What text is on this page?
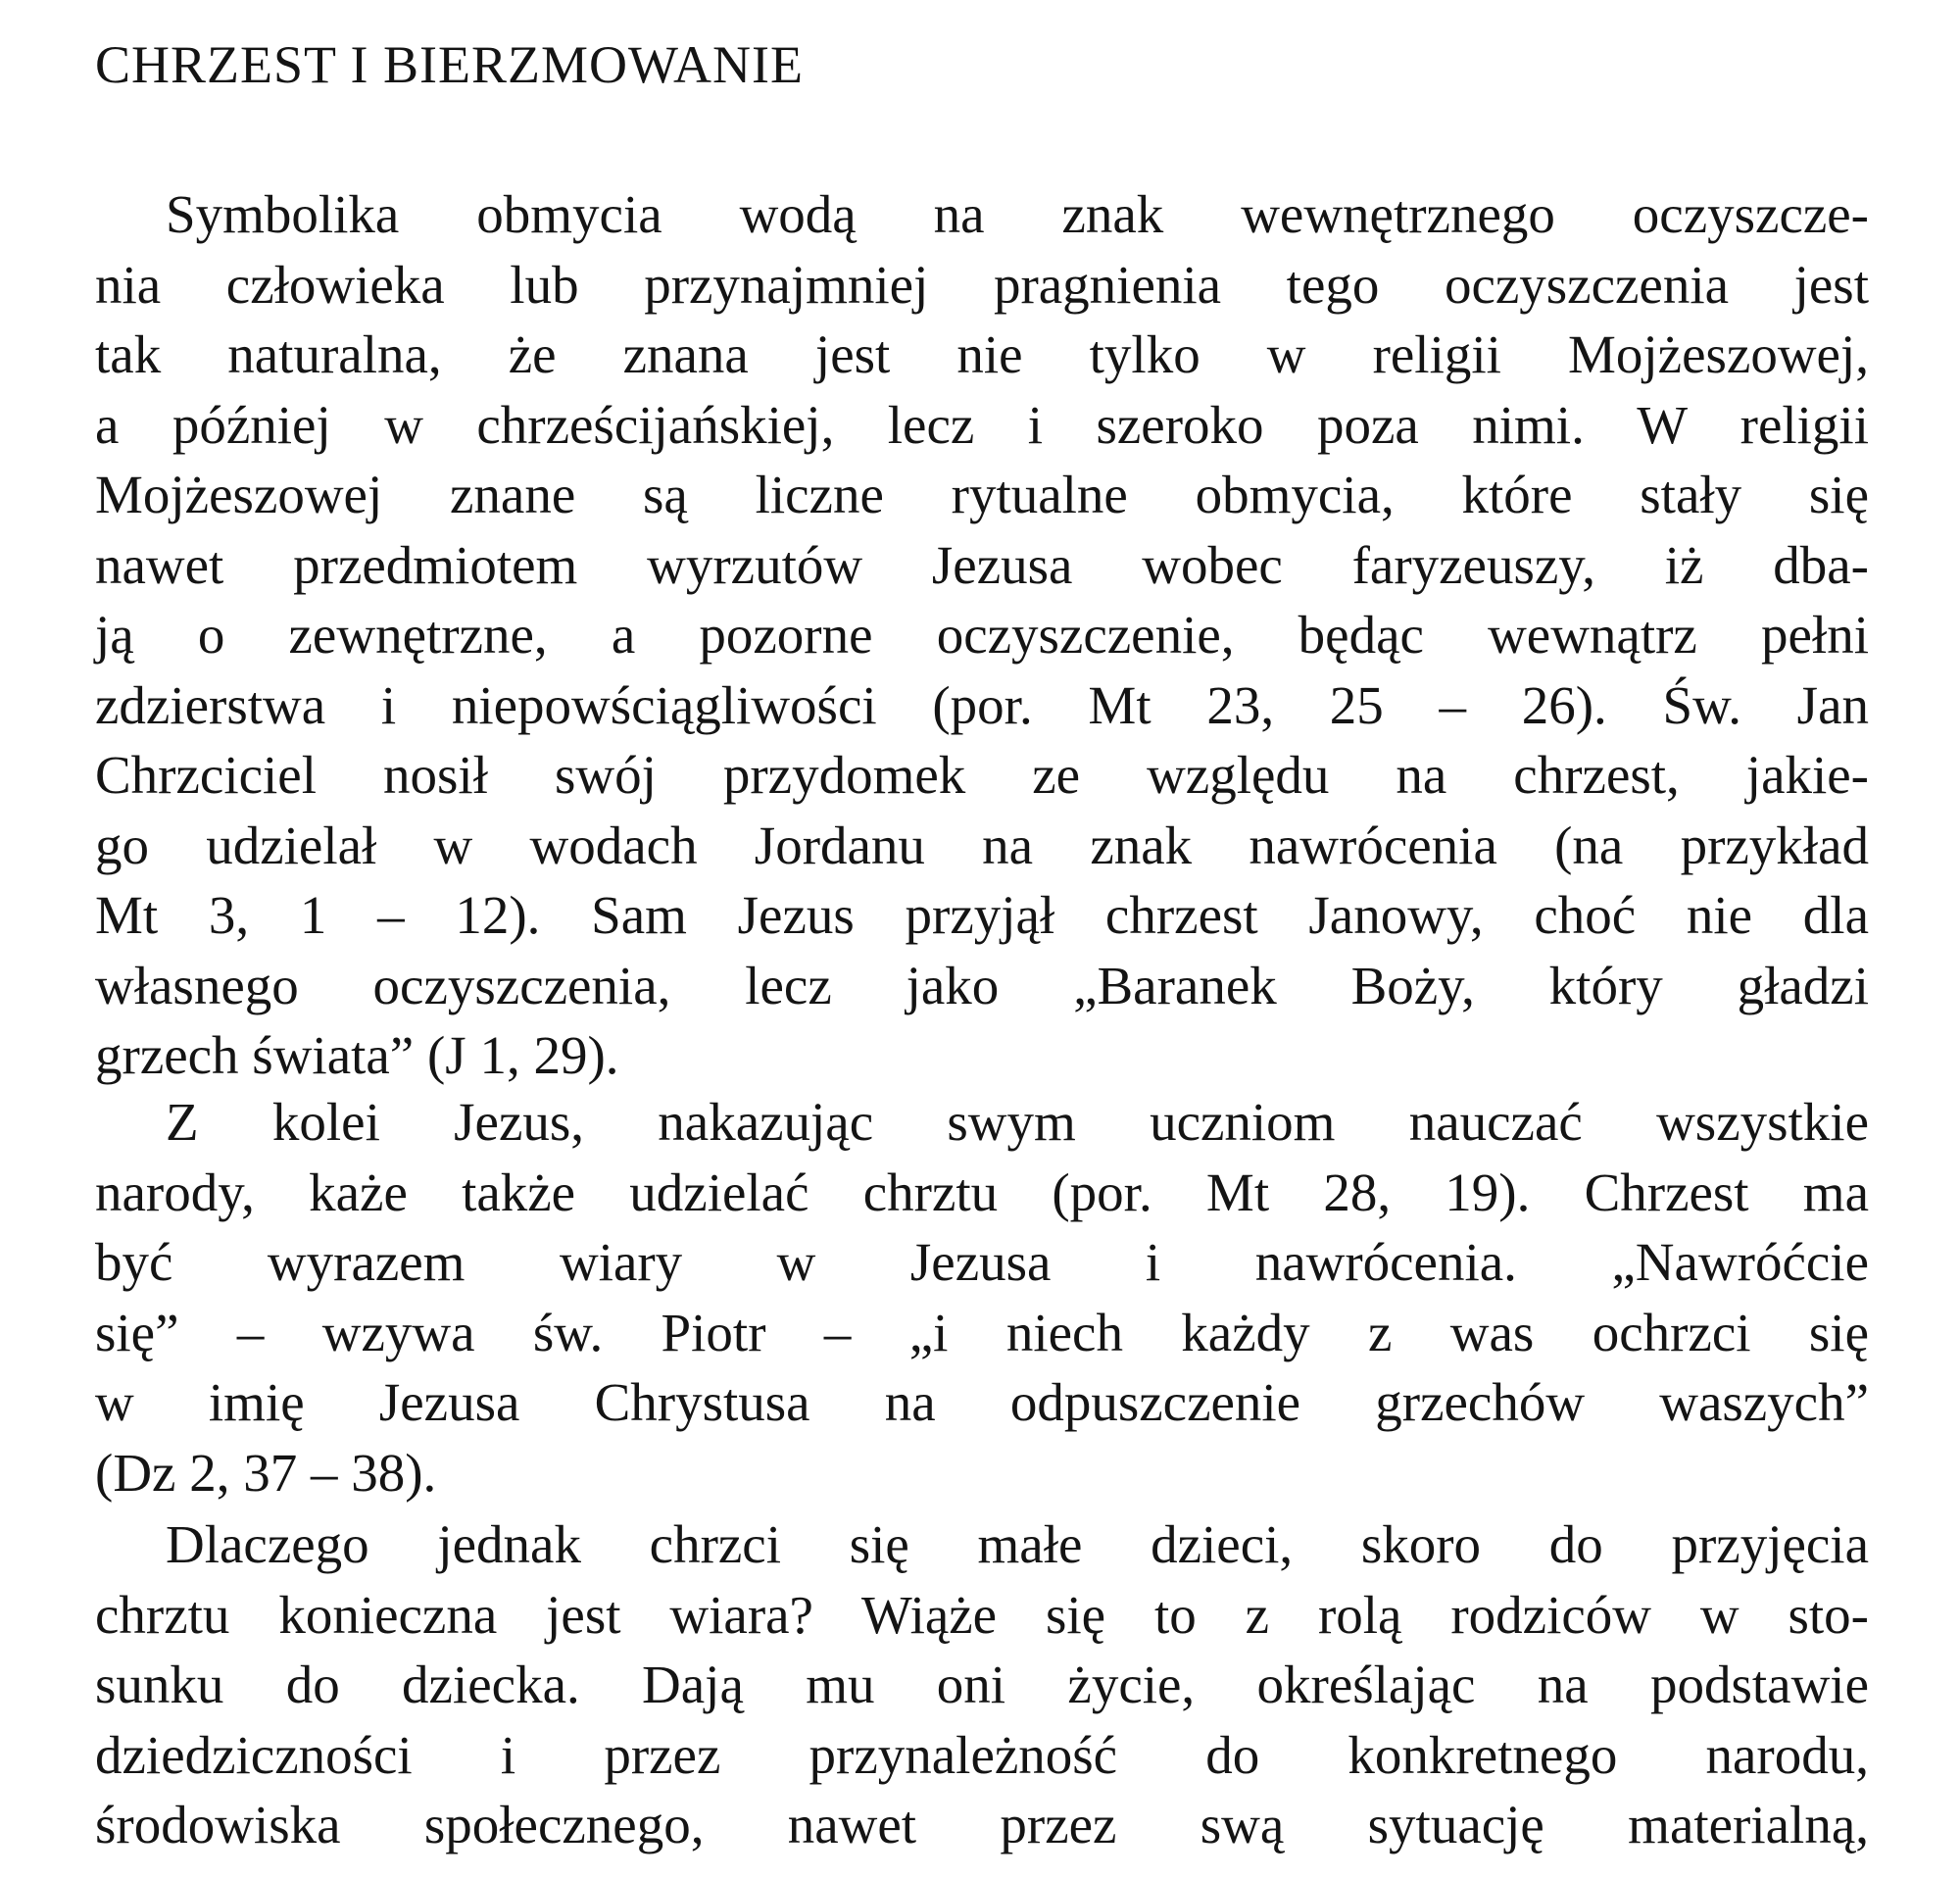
CHRZEST I BIERZMOWANIE
Symbolika obmycia wodą na znak wewnętrznego oczyszcze-
nia człowieka lub przynajmniej pragnienia tego oczyszczenia jest
tak naturalna, że znana jest nie tylko w religii Mojżeszowej,
a później w chrześcijańskiej, lecz i szeroko poza nimi. W religii
Mojżeszowej znane są liczne rytualne obmycia, które stały się
nawet przedmiotem wyrzutów Jezusa wobec faryzeuszy, iż dba-
ją o zewnętrzne, a pozorne oczyszczenie, będąc wewnątrz pełni
zdzierstwa i niepowściągliwości (por. Mt 23, 25 – 26). Św. Jan
Chrzciciel nosił swój przydomek ze względu na chrzest, jakie-
go udzielał w wodach Jordanu na znak nawrócenia (na przykład
Mt 3, 1 – 12). Sam Jezus przyjął chrzest Janowy, choć nie dla
własnego oczyszczenia, lecz jako „Baranek Boży, który gładzi
grzech świata” (J 1, 29).
Z kolei Jezus, nakazując swym uczniom nauczać wszystkie
narody, każe także udzielać chrztu (por. Mt 28, 19). Chrzest ma
być wyrazem wiary w Jezusa i nawrócenia. „Nawróćcie
się” – wzywa św. Piotr – „i niech każdy z was ochrzci się
w imię Jezusa Chrystusa na odpuszczenie grzechów waszych”
(Dz 2, 37 – 38).
Dlaczego jednak chrzci się małe dzieci, skoro do przyjęcia
chrztu konieczna jest wiara? Wiąże się to z rolą rodziców w sto-
sunku do dziecka. Dają mu oni życie, określając na podstawie
dziedziczności i przez przynależność do konkretnego narodu,
środowiska społecznego, nawet przez swą sytuację materialną,
